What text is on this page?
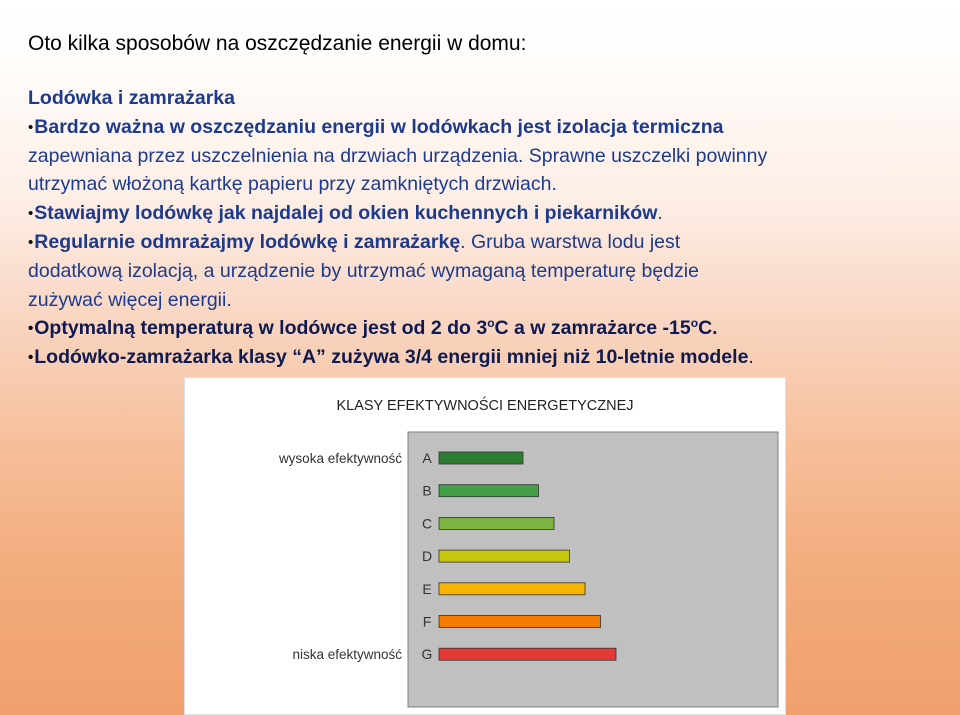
Oto kilka sposobów na oszczędzanie energii w domu:
Lodówka i zamrażarka
•Bardzo ważna w oszczędzaniu energii w lodówkach jest izolacja termiczna
zapewniana przez uszczelnienia na drzwiach urządzenia. Sprawne uszczelki powinny
utrzymać włożoną kartkę papieru przy zamkniętych drzwiach.
•Stawiajmy lodówkę jak najdalej od okien kuchennych i piekarników.
•Regularnie odmrażajmy lodówkę i zamrażarkę. Gruba warstwa lodu jest
dodatkową izolacją, a urządzenie by utrzymać wymaganą temperaturę będzie
zużywać więcej energii.
•Optymalną temperaturą w lodówce jest od 2 do 3$^o$C a w zamrażarce -15$^o$C.
•Lodówko-zamrażarka klasy “A” zużywa 3/4 energii mniej niż 10-letnie modele.
KLASY EFEKTYWNOŚCI ENERGETYCZNEJ
A
B
C
D
E
F
G
wysoka efektywność
niska efektywność
